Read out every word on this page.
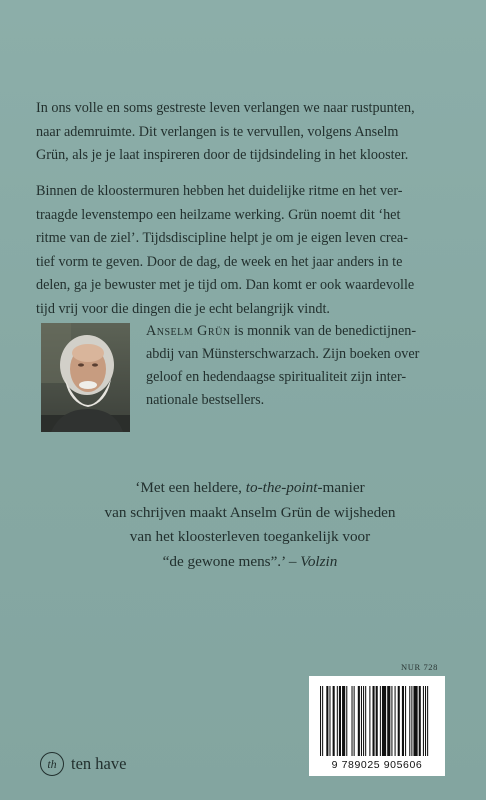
In ons volle en soms gestreste leven verlangen we naar rustpunten,
naar ademruimte. Dit verlangen is te vervullen, volgens Anselm
Grün, als je je laat inspireren door de tijdsindeling in het klooster.

Binnen de kloostermuren hebben het duidelijke ritme en het ver-
traagde levenstempo een heilzame werking. Grün noemt dit ‘het
ritme van de ziel’. Tijdsdiscipline helpt je om je eigen leven crea-
tief vorm te geven. Door de dag, de week en het jaar anders in te
delen, ga je bewuster met je tijd om. Dan komt er ook waardevolle
tijd vrij voor die dingen die je echt belangrijk vindt.

Anselm Grün is monnik van de benedictijnen-
abdij van Münsterschwarzach. Zijn boeken over
geloof en hedendaagse spiritualiteit zijn inter-
nationale bestsellers.

‘Met een heldere, to-the-point-manier
van schrijven maakt Anselm Grün de wijsheden
van het kloosterleven toegankelijk voor
“de gewone mens”.’ – Volzin

NUR 728
9 789025 905606
th ten have
